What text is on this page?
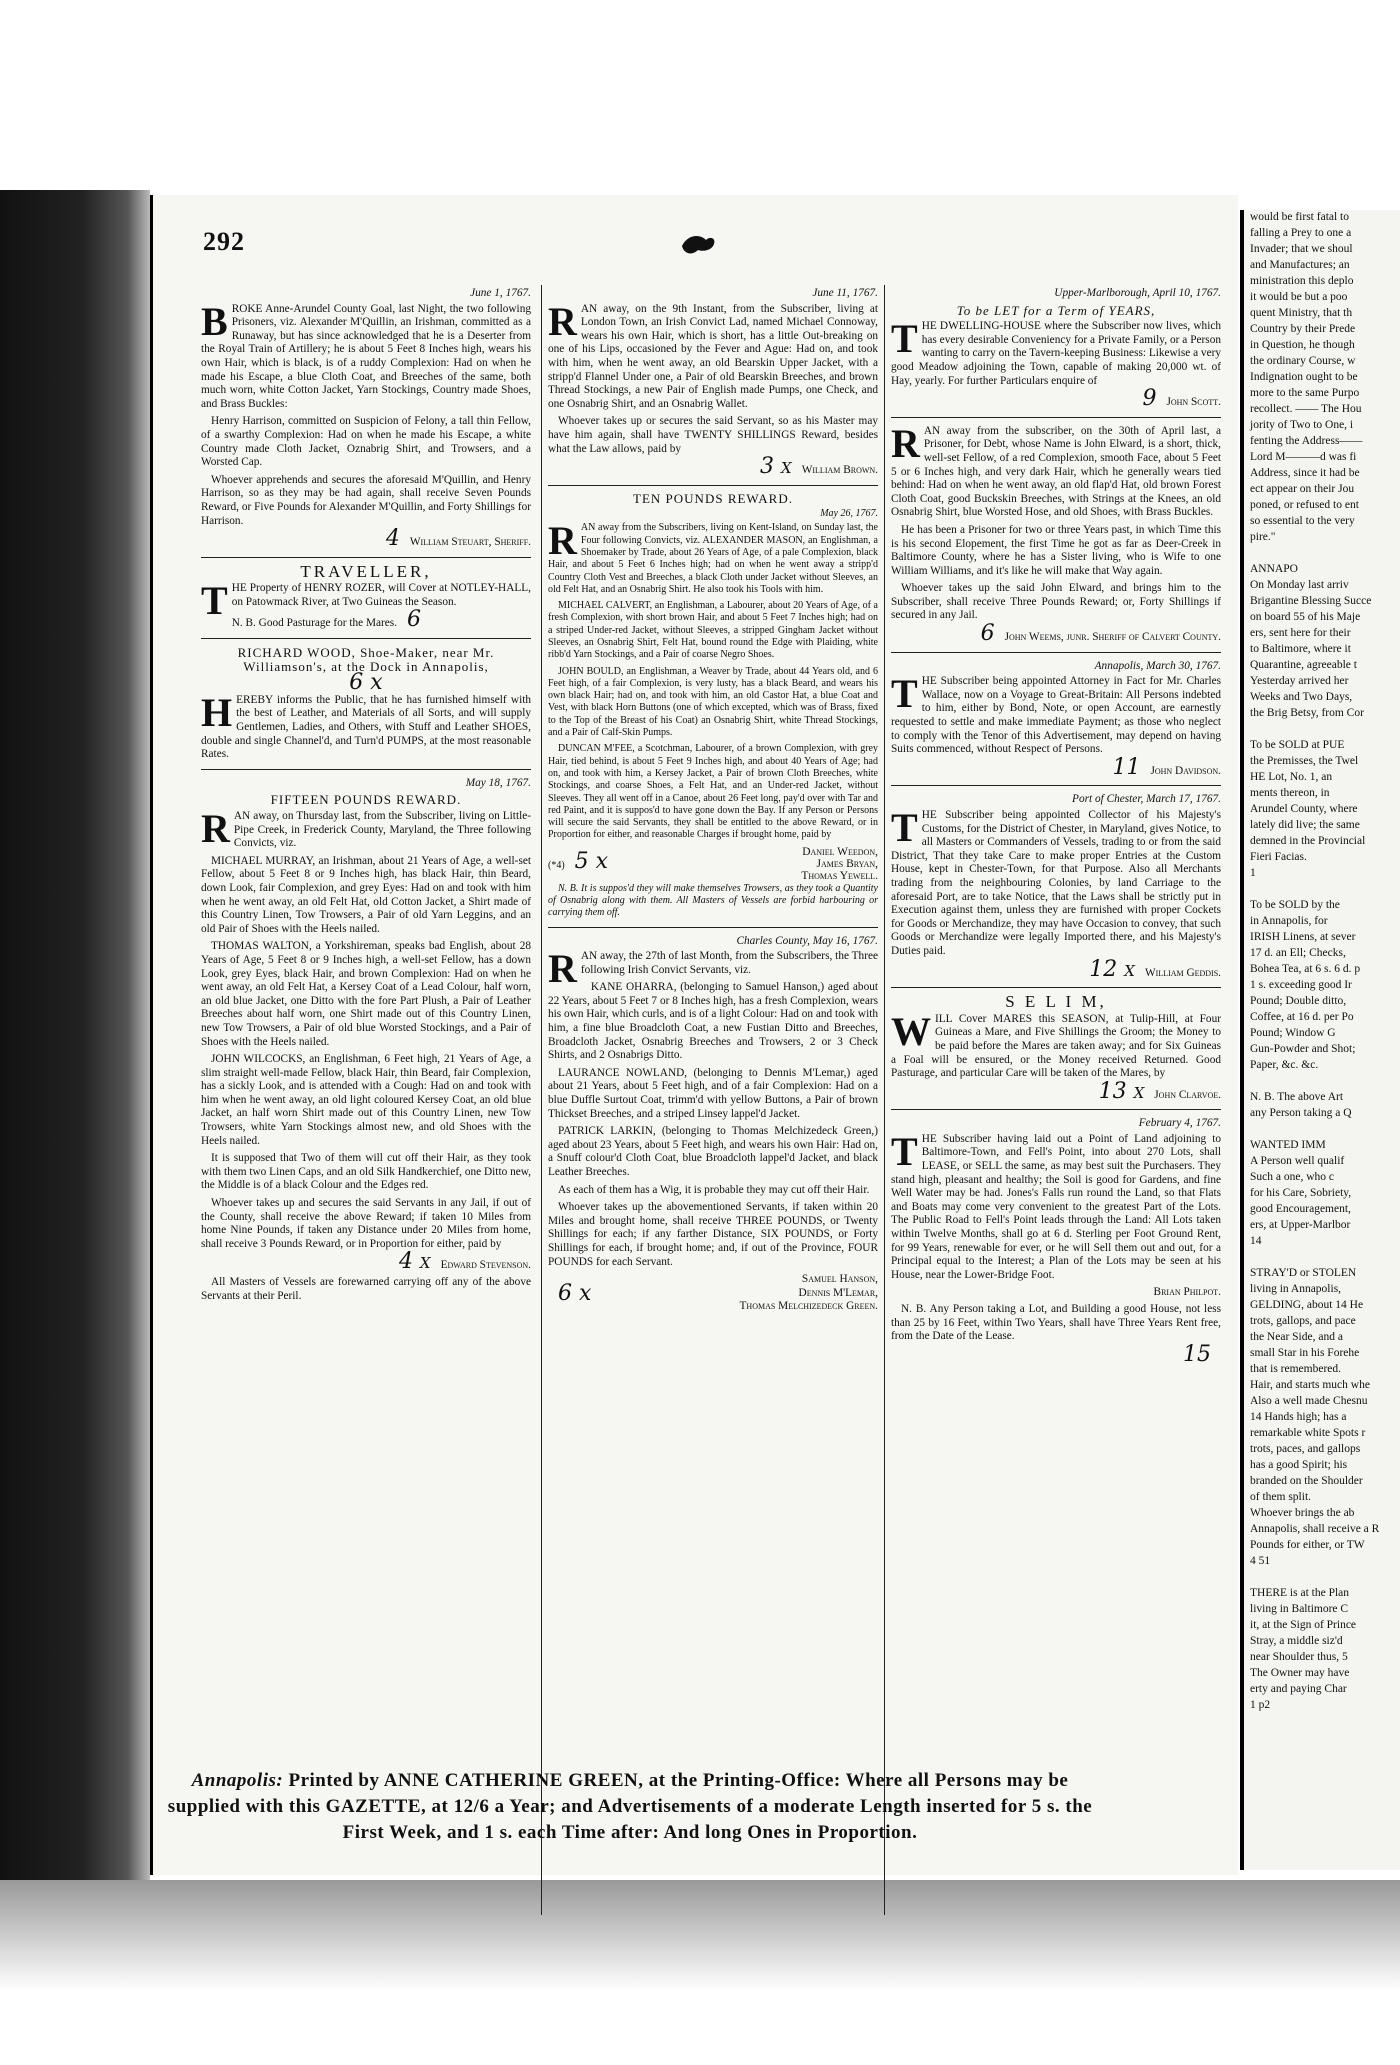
292
June 1, 1767.

BROKE Anne-Arundel County Goal, last Night, the two following Prisoners, viz. Alexander M'Quillin, an Irishman, committed as a Runaway, but has since acknowledged that he is a Deserter from the Royal Train of Artillery; he is about 5 Feet 8 Inches high, wears his own Hair, which is black, is of a ruddy Complexion: Had on when he made his Escape, a blue Cloth Coat, and Breeches of the same, both much worn, white Cotton Jacket, Yarn Stockings, Country made Shoes, and Brass Buckles:

Henry Harrison, committed on Suspicion of Felony, a tall thin Fellow, of a swarthy Complexion: Had on when he made his Escape, a white Country made Cloth Jacket, Oznabrig Shirt, and Trowsers, and a Worsted Cap.

Whoever apprehends and secures the aforesaid M'Quillin, and Henry Harrison, so as they may be had again, shall receive Seven Pounds Reward, or Five Pounds for Alexander M'Quillin, and Forty Shillings for Harrison.

4 William Steuart, Sheriff.
TRAVELLER,

THE Property of HENRY ROZER, will Cover at NOTLEY-HALL, on Patowmack River, at Two Guineas the Season.

N. B. Good Pasturage for the Mares. 6

RICHARD WOOD, Shoe-Maker, near Mr. Williamson's, at the Dock in Annapolis,
6 x

HEREBY informs the Public, that he has furnished himself with the best of Leather, and Materials of all Sorts, and will supply Gentlemen, Ladies, and Others, with Stuff and Leather SHOES, double and single Channel'd, and Turn'd PUMPS, at the most reasonable Rates.

May 18, 1767.
FIFTEEN POUNDS REWARD.

RAN away, on Thursday last, from the Subscriber, living on Little-Pipe Creek, in Frederick County, Maryland, the Three following Convicts, viz.

MICHAEL MURRAY, an Irishman, about 21 Years of Age, a well-set Fellow, about 5 Feet 8 or 9 Inches high, has black Hair, thin Beard, down Look, fair Complexion, and grey Eyes: Had on and took with him when he went away, an old Felt Hat, old Cotton Jacket, a Shirt made of this Country Linen, Tow Trowsers, a Pair of old Yarn Leggins, and an old Pair of Shoes with the Heels nailed.

THOMAS WALTON, a Yorkshireman, speaks bad English, about 28 Years of Age, 5 Feet 8 or 9 Inches high, a well-set Fellow, has a down Look, grey Eyes, black Hair, and brown Complexion: Had on when he went away, an old Felt Hat, a Kersey Coat of a Lead Colour, half worn, an old blue Jacket, one Ditto with the fore Part Plush, a Pair of Leather Breeches about half worn, one Shirt made out of this Country Linen, new Tow Trowsers, a Pair of old blue Worsted Stockings, and a Pair of Shoes with the Heels nailed.

JOHN WILCOCKS, an Englishman, 6 Feet high, 21 Years of Age, a slim straight well-made Fellow, black Hair, thin Beard, fair Complexion, has a sickly Look, and is attended with a Cough: Had on and took with him when he went away, an old light coloured Kersey Coat, an old blue Jacket, an half worn Shirt made out of this Country Linen, new Tow Trowsers, white Yarn Stockings almost new, and old Shoes with the Heels nailed.

It is supposed that Two of them will cut off their Hair, as they took with them two Linen Caps, and an old Silk Handkerchief, one Ditto new, the Middle is of a black Colour and the Edges red.

Whoever takes up and secures the said Servants in any Jail, if out of the County, shall receive the above Reward; if taken 10 Miles from home Nine Pounds, if taken any Distance under 20 Miles from home, shall receive 3 Pounds Reward, or in Proportion for either, paid by

4 x Edward Stevenson.

All Masters of Vessels are forewarned carrying off any of the above Servants at their Peril.

June 11, 1767.

RAN away, on the 9th Instant, from the Subscriber, living at London Town, an Irish Convict Lad, named Michael Connoway, wears his own Hair, which is short, has a little Out-breaking on one of his Lips, occasioned by the Fever and Ague: Had on, and took with him, when he went away, an old Bearskin Upper Jacket, with a stripp'd Flannel Under one, a Pair of old Bearskin Breeches, and brown Thread Stockings, a new Pair of English made Pumps, one Check, and one Osnabrig Shirt, and an Osnabrig Wallet.

Whoever takes up or secures the said Servant, so as his Master may have him again, shall have TWENTY SHILLINGS Reward, besides what the Law allows, paid by

3 x William Brown.
TEN POUNDS REWARD.
May 26, 1767.

RAN away from the Subscribers, living on Kent-Island, on Sunday last, the Four following Convicts, viz. ALEXANDER MASON, an Englishman, a Shoemaker by Trade, about 26 Years of Age, of a pale Complexion, black Hair, and about 5 Feet 6 Inches high; had on when he went away a stripp'd Country Cloth Vest and Breeches, a black Cloth under Jacket without Sleeves, an old Felt Hat, and an Osnabrig Shirt. He also took his Tools with him.

MICHAEL CALVERT, an Englishman, a Labourer, about 20 Years of Age, of a fresh Complexion, with short brown Hair, and about 5 Feet 7 Inches high; had on a striped Under-red Jacket, without Sleeves, a stripped Gingham Jacket without Sleeves, an Osnabrig Shirt, Felt Hat, bound round the Edge with Plaiding, white ribb'd Yarn Stockings, and a Pair of coarse Negro Shoes.

JOHN BOULD, an Englishman, a Weaver by Trade, about 44 Years old, and 6 Feet high, of a fair Complexion, is very lusty, has a black Beard, and wears his own black Hair; had on, and took with him, an old Castor Hat, a blue Coat and Vest, with black Horn Buttons (one of which excepted, which was of Brass, fixed to the Top of the Breast of his Coat) an Osnabrig Shirt, white Thread Stockings, and a Pair of Calf-Skin Pumps.

DUNCAN M'FEE, a Scotchman, Labourer, of a brown Complexion, with grey Hair, tied behind, is about 5 Feet 9 Inches high, and about 40 Years of Age; had on, and took with him, a Kersey Jacket, a Pair of brown Cloth Breeches, white Stockings, and coarse Shoes, a Felt Hat, and an Under-red Jacket, without Sleeves. They all went off in a Canoe, about 26 Feet long, pay'd over with Tar and red Paint, and it is suppos'd to have gone down the Bay. If any Person or Persons will secure the said Servants, they shall be entitled to the above Reward, or in Proportion for either, and reasonable Charges if brought home, paid by

(*4) 5 x	Daniel Weedon,
James Bryan,
Thomas Yewell.

N. B. It is suppos'd they will make themselves Trowsers, as they took a Quantity of Osnabrig along with them. All Masters of Vessels are forbid harbouring or carrying them off.

Charles County, May 16, 1767.

RAN away, the 27th of last Month, from the Subscribers, the Three following Irish Convict Servants, viz.

KANE OHARRA, (belonging to Samuel Hanson,) aged about 22 Years, about 5 Feet 7 or 8 Inches high, has a fresh Complexion, wears his own Hair, which curls, and is of a light Colour: Had on and took with him, a fine blue Broadcloth Coat, a new Fustian Ditto and Breeches, Broadcloth Jacket, Osnabrig Breeches and Trowsers, 2 or 3 Check Shirts, and 2 Osnabrigs Ditto.

LAURANCE NOWLAND, (belonging to Dennis M'Lemar,) aged about 21 Years, about 5 Feet high, and of a fair Complexion: Had on a blue Duffle Surtout Coat, trimm'd with yellow Buttons, a Pair of brown Thickset Breeches, and a striped Linsey lappel'd Jacket.

PATRICK LARKIN, (belonging to Thomas Melchizedeck Green,) aged about 23 Years, about 5 Feet high, and wears his own Hair: Had on, a Snuff colour'd Cloth Coat, blue Broadcloth lappel'd Jacket, and black Leather Breeches.

As each of them has a Wig, it is probable they may cut off their Hair.

Whoever takes up the abovementioned Servants, if taken within 20 Miles and brought home, shall receive THREE POUNDS, or Twenty Shillings for each; if any farther Distance, SIX POUNDS, or Forty Shillings for each, if brought home; and, if out of the Province, FOUR POUNDS for each Servant.

6 x
Samuel Hanson,
Dennis M'Lemar,
Thomas Melchizedeck Green.
Upper-Marlborough, April 10, 1767.
To be LET for a Term of YEARS,

THE DWELLING-HOUSE where the Subscriber now lives, which has every desirable Conveniency for a Private Family, or a Person wanting to carry on the Tavern-keeping Business: Likewise a very good Meadow adjoining the Town, capable of making 20,000 wt. of Hay, yearly. For further Particulars enquire of

9 John Scott.

RAN away from the subscriber, on the 30th of April last, a Prisoner, for Debt, whose Name is John Elward, is a short, thick, well-set Fellow, of a red Complexion, smooth Face, about 5 Feet 5 or 6 Inches high, and very dark Hair, which he generally wears tied behind: Had on when he went away, an old flap'd Hat, old brown Forest Cloth Coat, good Buckskin Breeches, with Strings at the Knees, an old Osnabrig Shirt, blue Worsted Hose, and old Shoes, with Brass Buckles.

He has been a Prisoner for two or three Years past, in which Time this is his second Elopement, the first Time he got as far as Deer-Creek in Baltimore County, where he has a Sister living, who is Wife to one William Williams, and it's like he will make that Way again.

Whoever takes up the said John Elward, and brings him to the Subscriber, shall receive Three Pounds Reward; or, Forty Shillings if secured in any Jail.

6 John Weems, junr. Sheriff of Calvert County.
Annapolis, March 30, 1767.

THE Subscriber being appointed Attorney in Fact for Mr. Charles Wallace, now on a Voyage to Great-Britain: All Persons indebted to him, either by Bond, Note, or open Account, are earnestly requested to settle and make immediate Payment; as those who neglect to comply with the Tenor of this Advertisement, may depend on having Suits commenced, without Respect of Persons.

11 John Davidson.
Port of Chester, March 17, 1767.

THE Subscriber being appointed Collector of his Majesty's Customs, for the District of Chester, in Maryland, gives Notice, to all Masters or Commanders of Vessels, trading to or from the said District, That they take Care to make proper Entries at the Custom House, kept in Chester-Town, for that Purpose. Also all Merchants trading from the neighbouring Colonies, by land Carriage to the aforesaid Port, are to take Notice, that the Laws shall be strictly put in Execution against them, unless they are furnished with proper Cockets for Goods or Merchandize, they may have Occasion to convey, that such Goods or Merchandize were legally Imported there, and his Majesty's Duties paid.

12 x William Geddis.
S E L I M,

WILL Cover MARES this SEASON, at Tulip-Hill, at Four Guineas a Mare, and Five Shillings the Groom; the Money to be paid before the Mares are taken away; and for Six Guineas a Foal will be ensured, or the Money received Returned. Good Pasturage, and particular Care will be taken of the Mares, by

13 x John Clarvoe.
February 4, 1767.

THE Subscriber having laid out a Point of Land adjoining to Baltimore-Town, and Fell's Point, into about 270 Lots, shall LEASE, or SELL the same, as may best suit the Purchasers. They stand high, pleasant and healthy; the Soil is good for Gardens, and fine Well Water may be had. Jones's Falls run round the Land, so that Flats and Boats may come very convenient to the greatest Part of the Lots. The Public Road to Fell's Point leads through the Land: All Lots taken within Twelve Months, shall go at 6 d. Sterling per Foot Ground Rent, for 99 Years, renewable for ever, or he will Sell them out and out, for a Principal equal to the Interest; a Plan of the Lots may be seen at his House, near the Lower-Bridge Foot.

Brian Philpot.

N. B. Any Person taking a Lot, and Building a good House, not less than 25 by 16 Feet, within Two Years, shall have Three Years Rent free, from the Date of the Lease.

15
Annapolis: Printed by ANNE CATHERINE GREEN, at the Printing-Office: Where all Persons may be supplied with this GAZETTE, at 12/6 a Year; and Advertisements of a moderate Length inserted for 5 s. the First Week, and 1 s. each Time after: And long Ones in Proportion.

would be first fatal to

falling a Prey to one a

Invader; that we shoul

and Manufactures; an

ministration this deplo

it would be but a poo

quent Ministry, that th

Country by their Prede

in Question, he though

the ordinary Course, w

Indignation ought to be

more to the same Purpo

recollect. —— The Hou

jority of Two to One, i

fenting the Address——

Lord M———d was fi

Address, since it had be

ect appear on their Jou

poned, or refused to ent

so essential to the very

pire."

ANNAPO

On Monday last arriv

Brigantine Blessing Succe

on board 55 of his Maje

ers, sent here for their

to Baltimore, where it

Quarantine, agreeable t

Yesterday arrived her

Weeks and Two Days,

the Brig Betsy, from Cor

To be SOLD at PUE

the Premisses, the Twel

HE Lot, No. 1, an

ments thereon, in

Arundel County, where

lately did live; the same

demned in the Provincial

Fieri Facias.

1

To be SOLD by the

in Annapolis, for

IRISH Linens, at sever

17 d. an Ell; Checks,

Bohea Tea, at 6 s. 6 d. p

1 s. exceeding good Ir

Pound; Double ditto,

Coffee, at 16 d. per Po

Pound; Window G

Gun-Powder and Shot;

Paper, &c. &c.

N. B. The above Art

any Person taking a Q

WANTED IMM

A Person well qualif

Such a one, who c

for his Care, Sobriety,

good Encouragement,

ers, at Upper-Marlbor

14

STRAY'D or STOLEN

living in Annapolis,

GELDING, about 14 He

trots, gallops, and pace

the Near Side, and a

small Star in his Forehe

that is remembered.

Hair, and starts much whe

Also a well made Chesnu

14 Hands high; has a

remarkable white Spots r

trots, paces, and gallops

has a good Spirit; his

branded on the Shoulder

of them split.

Whoever brings the ab

Annapolis, shall receive a R

Pounds for either, or TW

4 51

THERE is at the Plan

living in Baltimore C

it, at the Sign of Prince

Stray, a middle siz'd

near Shoulder thus, 5

The Owner may have

erty and paying Char

1 p2
